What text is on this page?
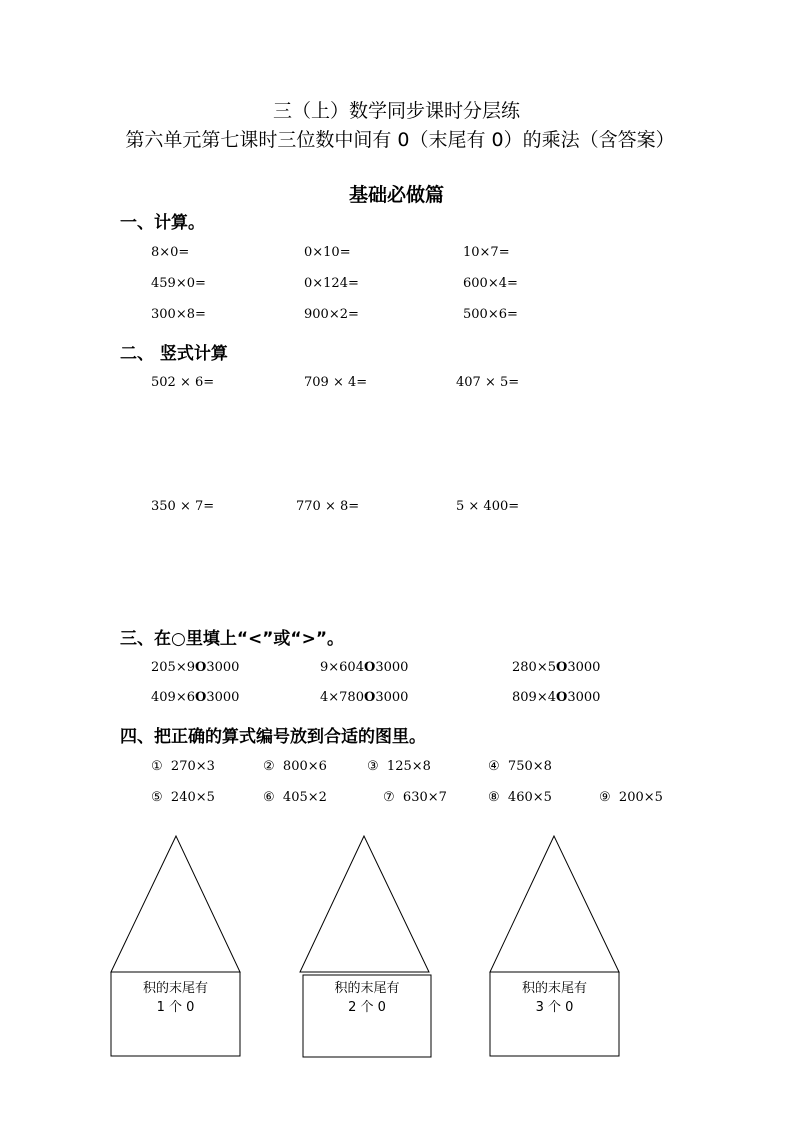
三（上）数学同步课时分层练
第六单元第七课时三位数中间有 0（末尾有 0）的乘法（含答案）
基础必做篇
一、计算。
8×0=	0×10=	10×7=
459×0=	0×124=	600×4=
300×8=	900×2=	500×6=
二、 竖式计算
502 × 6=	709 × 4=	407 × 5=
350 × 7=	770 × 8=	5 × 400=
三、在○里填上“<”或“>”。
205×9O3000	9×604O3000	280×5O3000
409×6O3000	4×780O3000	809×4O3000
四、把正确的算式编号放到合适的图里。
① 270×3	② 800×6	③ 125×8	④ 750×8
⑤ 240×5	⑥ 405×2	⑦ 630×7	⑧ 460×5	⑨ 200×5
积的末尾有
1 个 0
积的末尾有
2 个 0
积的末尾有
3 个 0
